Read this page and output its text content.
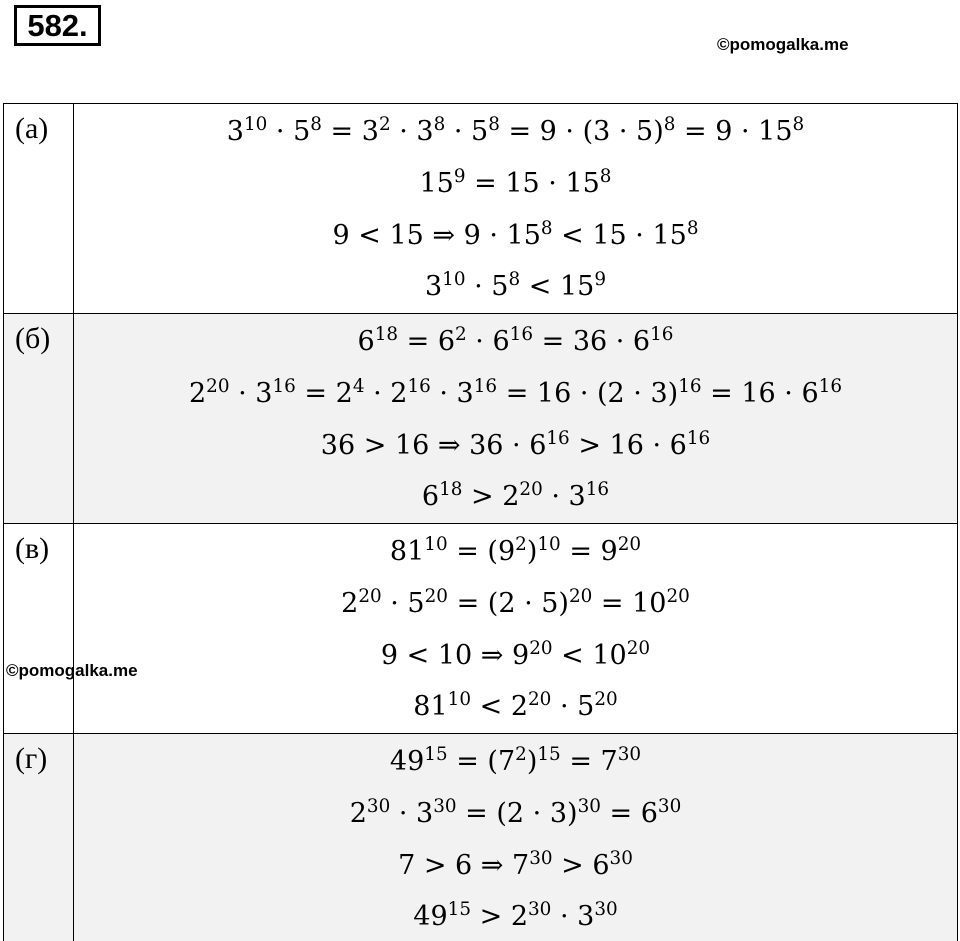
582.
©pomogalka.me
©pomogalka.me
(а)	$3^{10} \cdot 5^8 = 3^2 \cdot 3^8 \cdot 5^8 = 9 \cdot (3 \cdot 5)^8 = 9 \cdot 15^8$
$15^9 = 15 \cdot 15^8$
9 < 15 ⇒ $9 \cdot 15^8 < 15 \cdot 15^8$
$3^{10} \cdot 5^8 < 15^9$

(б)	$6^{18} = 6^2 \cdot 6^{16} = 36 \cdot 6^{16}$
$2^{20} \cdot 3^{16} = 2^4 \cdot 2^{16} \cdot 3^{16} = 16 \cdot (2 \cdot 3)^{16} = 16 \cdot 6^{16}$
36 > 16 ⇒ $36 \cdot 6^{16} > 16 \cdot 6^{16}$
$6^{18} > 2^{20} \cdot 3^{16}$

(в)	$81^{10} = (9^2)^{10} = 9^{20}$
$2^{20} \cdot 5^{20} = (2 \cdot 5)^{20} = 10^{20}$
9 < 10 ⇒ $9^{20} < 10^{20}$
$81^{10} < 2^{20} \cdot 5^{20}$

(г)	$49^{15} = (7^2)^{15} = 7^{30}$
$2^{30} \cdot 3^{30} = (2 \cdot 3)^{30} = 6^{30}$
7 > 6 ⇒ $7^{30} > 6^{30}$
$49^{15} > 2^{30} \cdot 3^{30}$
